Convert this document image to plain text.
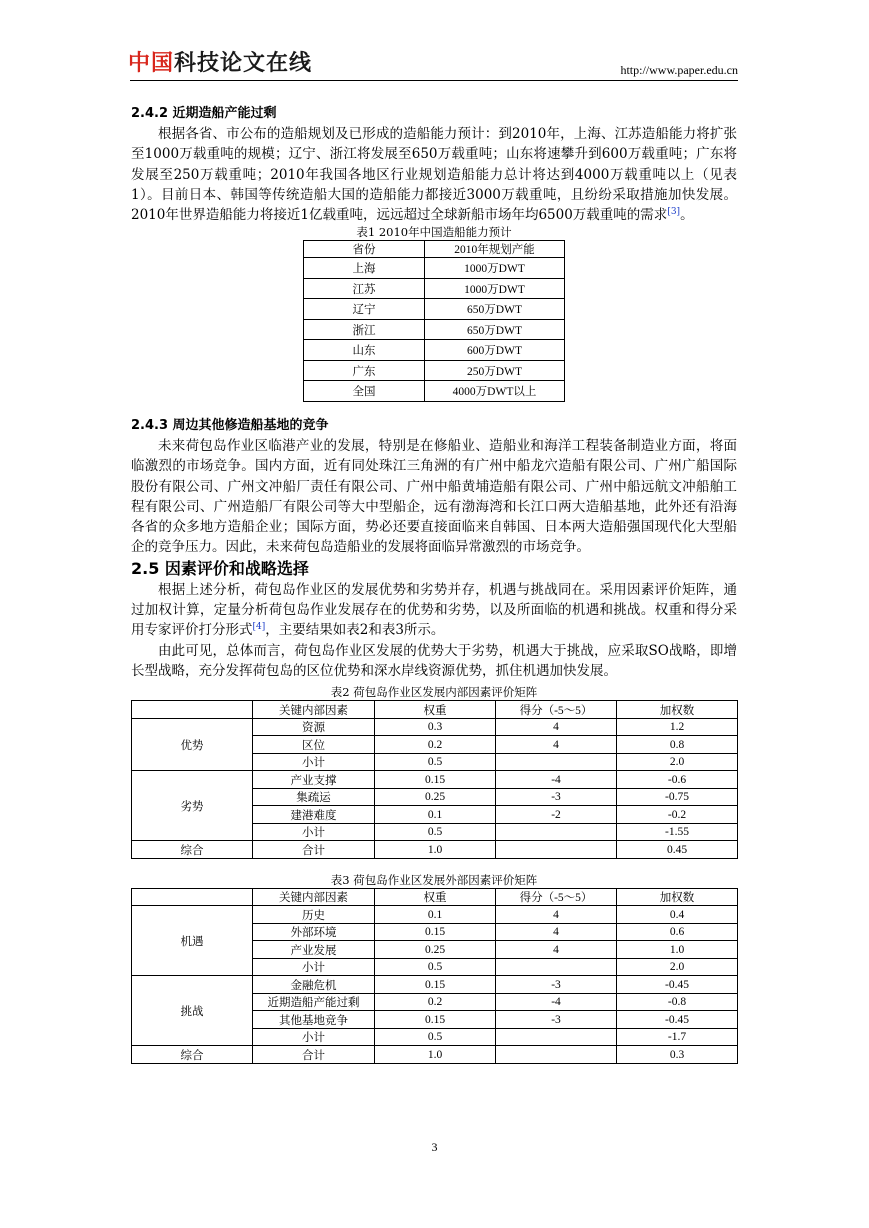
中国科技论文在线	http://www.paper.edu.cn

2.4.2 近期造船产能过剩

根据各省、市公布的造船规划及已形成的造船能力预计：到2010年，上海、江苏造船能力将扩张至1000万载重吨的规模；辽宁、浙江将发展至650万载重吨；山东将速攀升到600万载重吨；广东将发展至250万载重吨；2010年我国各地区行业规划造船能力总计将达到4000万载重吨以上（见表1）。目前日本、韩国等传统造船大国的造船能力都接近3000万载重吨，且纷纷采取措施加快发展。2010年世界造船能力将接近1亿载重吨，远远超过全球新船市场年均6500万载重吨的需求[3]。

表1 2010年中国造船能力预计

省份	2010年规划产能
上海	1000万DWT
江苏	1000万DWT
辽宁	650万DWT
浙江	650万DWT
山东	600万DWT
广东	250万DWT
全国	4000万DWT以上

2.4.3 周边其他修造船基地的竞争

未来荷包岛作业区临港产业的发展，特别是在修船业、造船业和海洋工程装备制造业方面，将面临激烈的市场竞争。国内方面，近有同处珠江三角洲的有广州中船龙穴造船有限公司、广州广船国际股份有限公司、广州文冲船厂责任有限公司、广州中船黄埔造船有限公司、广州中船远航文冲船舶工程有限公司、广州造船厂有限公司等大中型船企，远有渤海湾和长江口两大造船基地，此外还有沿海各省的众多地方造船企业；国际方面，势必还要直接面临来自韩国、日本两大造船强国现代化大型船企的竞争压力。因此，未来荷包岛造船业的发展将面临异常激烈的市场竞争。

2.5 因素评价和战略选择

根据上述分析，荷包岛作业区的发展优势和劣势并存，机遇与挑战同在。采用因素评价矩阵，通过加权计算，定量分析荷包岛作业发展存在的优势和劣势，以及所面临的机遇和挑战。权重和得分采用专家评价打分形式[4]，主要结果如表2和表3所示。

由此可见，总体而言，荷包岛作业区发展的优势大于劣势，机遇大于挑战，应采取SO战略，即增长型战略，充分发挥荷包岛的区位优势和深水岸线资源优势，抓住机遇加快发展。

表2 荷包岛作业区发展内部因素评价矩阵

	关键内部因素	权重	得分（-5～5）	加权数
优势	资源	0.3	4	1.2
	区位	0.2	4	0.8
	小计	0.5		2.0
劣势	产业支撑	0.15	-4	-0.6
	集疏运	0.25	-3	-0.75
	建港难度	0.1	-2	-0.2
	小计	0.5		-1.55
综合	合计	1.0		0.45

表3 荷包岛作业区发展外部因素评价矩阵

	关键内部因素	权重	得分（-5～5）	加权数
机遇	历史	0.1	4	0.4
	外部环境	0.15	4	0.6
	产业发展	0.25	4	1.0
	小计	0.5		2.0
挑战	金融危机	0.15	-3	-0.45
	近期造船产能过剩	0.2	-4	-0.8
	其他基地竞争	0.15	-3	-0.45
	小计	0.5		-1.7
综合	合计	1.0		0.3
3
